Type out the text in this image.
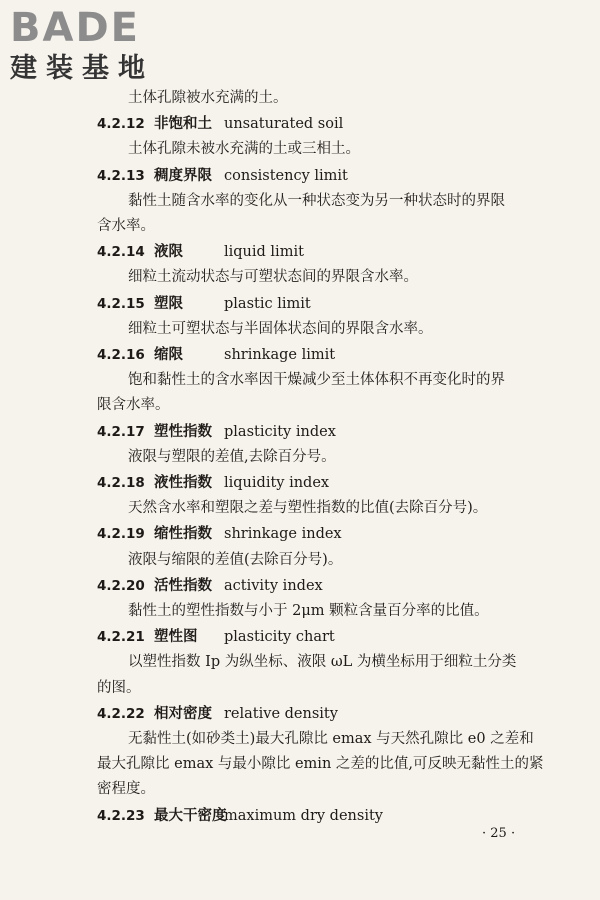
BADE
建装基地
土体孔隙被水充满的土。
4.2.12 非饱和土 unsaturated soil
土体孔隙未被水充满的土或三相土。
4.2.13 稠度界限 consistency limit
黏性土随含水率的变化从一种状态变为另一种状态时的界限
含水率。
4.2.14 液限	liquid limit
细粒土流动状态与可塑状态间的界限含水率。
4.2.15 塑限	plastic limit
细粒土可塑状态与半固体状态间的界限含水率。
4.2.16 缩限	shrinkage limit
饱和黏性土的含水率因干燥减少至土体体积不再变化时的界
限含水率。
4.2.17 塑性指数 plasticity index
液限与塑限的差值,去除百分号。
4.2.18 液性指数 liquidity index
天然含水率和塑限之差与塑性指数的比值(去除百分号)。
4.2.19 缩性指数 shrinkage index
液限与缩限的差值(去除百分号)。
4.2.20 活性指数 activity index
黏性土的塑性指数与小于 2μm 颗粒含量百分率的比值。
4.2.21 塑性图 plasticity chart
以塑性指数 Ip 为纵坐标、液限 ωL 为横坐标用于细粒土分类
的图。
4.2.22 相对密度 relative density
无黏性土(如砂类土)最大孔隙比 emax 与天然孔隙比 e0 之差和
最大孔隙比 emax 与最小隙比 emin 之差的比值,可反映无黏性土的紧
密程度。
4.2.23 最大干密度maximum dry density
· 25 ·
